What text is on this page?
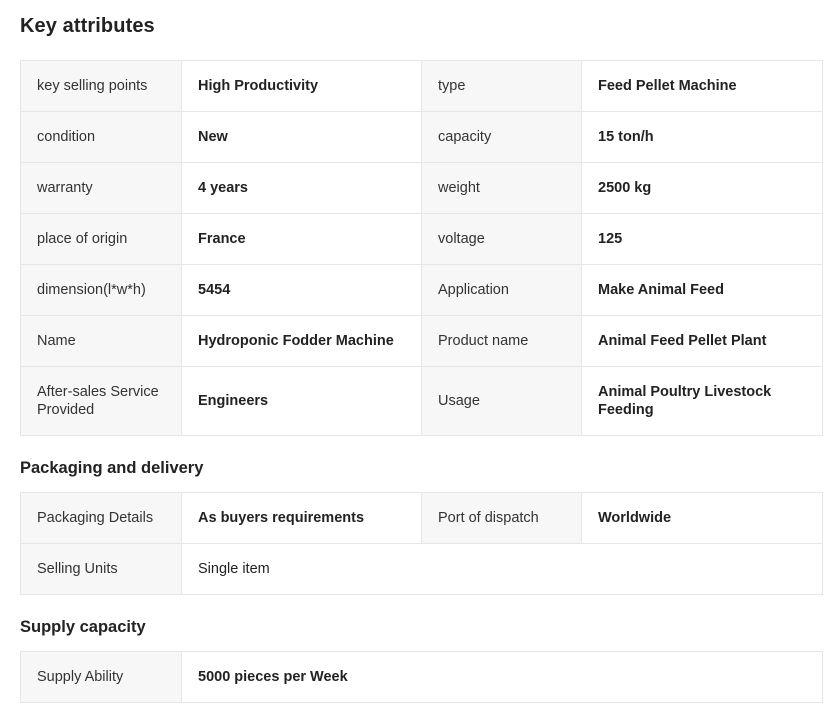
Key attributes
key selling points	High Productivity	type	Feed Pellet Machine
condition	New	capacity	15 ton/h
warranty	4 years	weight	2500 kg
place of origin	France	voltage	125
dimension(l*w*h)	5454	Application	Make Animal Feed
Name	Hydroponic Fodder Machine	Product name	Animal Feed Pellet Plant
After-sales Service Provided	Engineers	Usage	Animal Poultry Livestock Feeding
Packaging and delivery
Packaging Details	As buyers requirements	Port of dispatch	Worldwide
Selling Units	Single item		
Supply capacity
Supply Ability	5000 pieces per Week
